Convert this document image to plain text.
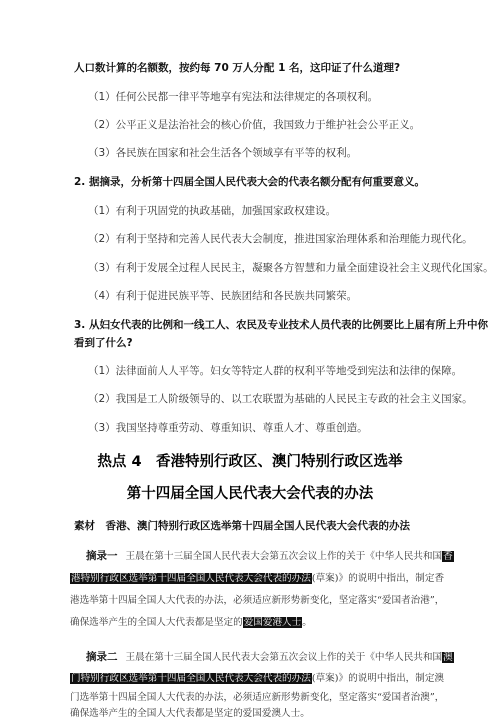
人口数计算的名额数，按约每 70 万人分配 1 名，这印证了什么道理?
（1）任何公民都一律平等地享有宪法和法律规定的各项权利。
（2）公平正义是法治社会的核心价值，我国致力于维护社会公平正义。
（3）各民族在国家和社会生活各个领域享有平等的权利。
2. 据摘录，分析第十四届全国人民代表大会的代表名额分配有何重要意义。
（1）有利于巩固党的执政基础，加强国家政权建设。
（2）有利于坚持和完善人民代表大会制度，推进国家治理体系和治理能力现代化。
（3）有利于发展全过程人民民主，凝聚各方智慧和力量全面建设社会主义现代化国家。
（4）有利于促进民族平等、民族团结和各民族共同繁荣。
3. 从妇女代表的比例和一线工人、农民及专业技术人员代表的比例要比上届有所上升中你
看到了什么?
（1）法律面前人人平等。妇女等特定人群的权利平等地受到宪法和法律的保障。
（2）我国是工人阶级领导的、以工农联盟为基础的人民民主专政的社会主义国家。
（3）我国坚持尊重劳动、尊重知识、尊重人才、尊重创造。
热点 4　香港特别行政区、澳门特别行政区选举
第十四届全国人民代表大会代表的办法
素材　香港、澳门特别行政区选举第十四届全国人民代表大会代表的办法
摘录一 王晨在第十三届全国人民代表大会第五次会议上作的关于《中华人民共和国香
港特别行政区选举第十四届全国人民代表大会代表的办法(草案)》的说明中指出，制定香
港选举第十四届全国人大代表的办法，必须适应新形势新变化，坚定落实“爱国者治港”，
确保选举产生的全国人大代表都是坚定的爱国爱港人士。
摘录二 王晨在第十三届全国人民代表大会第五次会议上作的关于《中华人民共和国澳
门特别行政区选举第十四届全国人民代表大会代表的办法(草案)》的说明中指出，制定澳
门选举第十四届全国人大代表的办法，必须适应新形势新变化，坚定落实“爱国者治澳”，
确保选举产生的全国人大代表都是坚定的爱国爱澳人士。
